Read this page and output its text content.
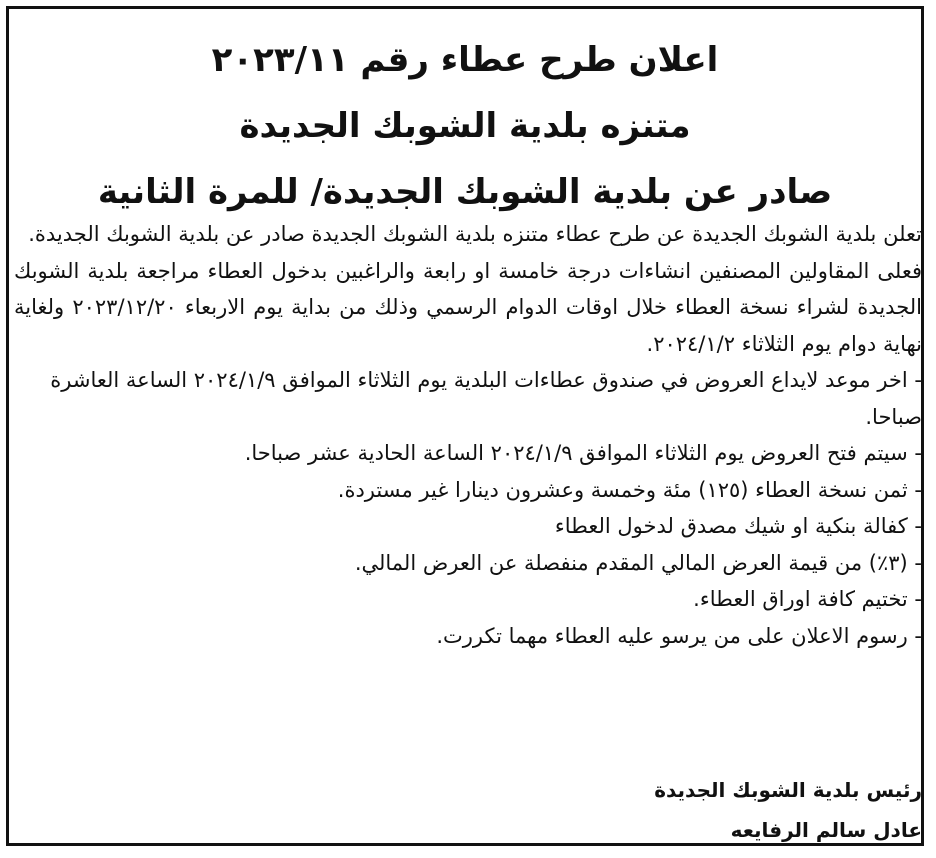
اعلان طرح عطاء رقم ٢٠٢٣/١١
متنزه بلدية الشوبك الجديدة
صادر عن بلدية الشوبك الجديدة/ للمرة الثانية

تعلن بلدية الشوبك الجديدة عن طرح عطاء متنزه بلدية الشوبك الجديدة صادر عن بلدية الشوبك الجديدة.

فعلى المقاولين المصنفين انشاءات درجة خامسة او رابعة والراغبين بدخول العطاء مراجعة بلدية الشوبك الجديدة لشراء نسخة العطاء خلال اوقات الدوام الرسمي وذلك من بداية يوم الاربعاء ٢٠٢٣/١٢/٢٠ ولغاية نهاية دوام يوم الثلاثاء ٢٠٢٤/١/٢.

- اخر موعد لايداع العروض في صندوق عطاءات البلدية يوم الثلاثاء الموافق ٢٠٢٤/١/٩ الساعة العاشرة صباحا.
- سيتم فتح العروض يوم الثلاثاء الموافق ٢٠٢٤/١/٩ الساعة الحادية عشر صباحا.
- ثمن نسخة العطاء (١٢٥) مئة وخمسة وعشرون دينارا غير مستردة.
- كفالة بنكية او شيك مصدق لدخول العطاء
- (٣٪) من قيمة العرض المالي المقدم منفصلة عن العرض المالي.
- تختيم كافة اوراق العطاء.
- رسوم الاعلان على من يرسو عليه العطاء مهما تكررت.
رئيس بلدية الشوبك الجديدة
عادل سالم الرفايعه
